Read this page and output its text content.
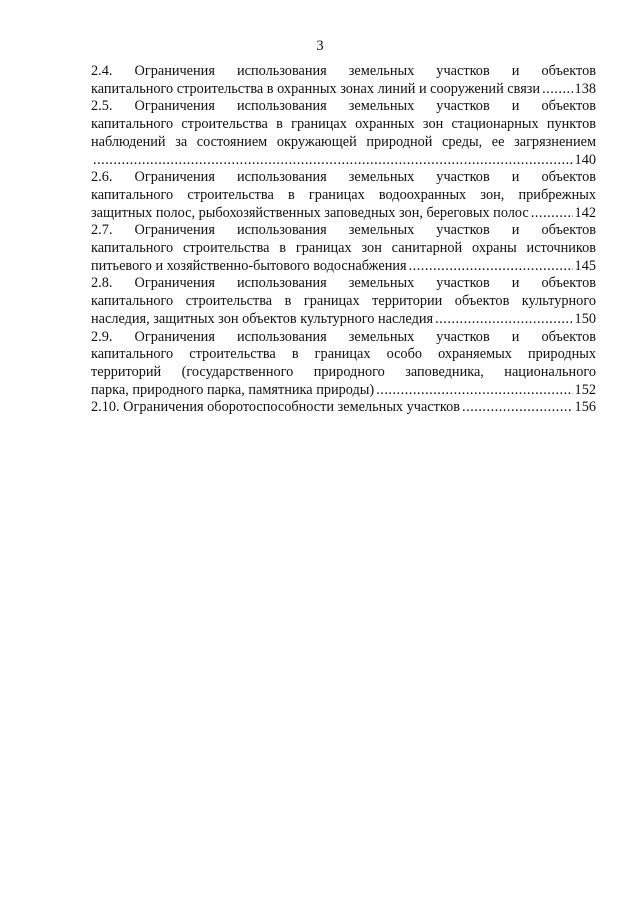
3
2.4. Ограничения использования земельных участков и объектов
капитального строительства в охранных зонах линий и сооружений связи ..... 138
2.5. Ограничения использования земельных участков и объектов
капитального строительства в границах охранных зон стационарных пунктов
наблюдений за состоянием окружающей природной среды, ее загрязнением
.....
140
2.6. Ограничения использования земельных участков и объектов
капитального строительства в границах водоохранных зон, прибрежных
защитных полос, рыбохозяйственных заповедных зон, береговых полос .....	142
2.7. Ограничения использования земельных участков и объектов
капитального строительства в границах зон санитарной охраны источников
питьевого и хозяйственно-бытового водоснабжения .....	145
2.8. Ограничения использования земельных участков и объектов
капитального строительства в границах территории объектов культурного
наследия, защитных зон объектов культурного наследия .....	150
2.9. Ограничения использования земельных участков и объектов
капитального строительства в границах особо охраняемых природных
территорий (государственного природного заповедника, национального
парка, природного парка, памятника природы) .....	152
2.10. Ограничения оборотоспособности земельных участков .....	156
